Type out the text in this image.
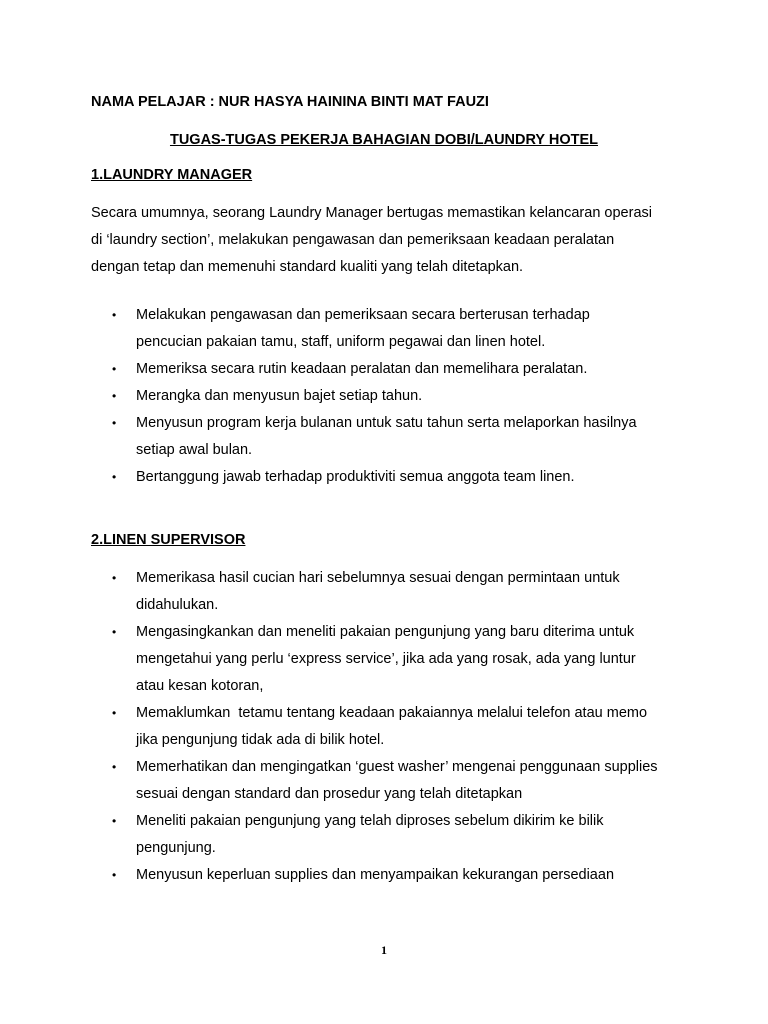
NAMA PELAJAR : NUR HASYA HAININA BINTI MAT FAUZI
TUGAS-TUGAS PEKERJA BAHAGIAN DOBI/LAUNDRY HOTEL
1.LAUNDRY MANAGER
Secara umumnya, seorang Laundry Manager bertugas memastikan kelancaran operasi
di ‘laundry section’, melakukan pengawasan dan pemeriksaan keadaan peralatan
dengan tetap dan memenuhi standard kualiti yang telah ditetapkan.
• Melakukan pengawasan dan pemeriksaan secara berterusan terhadap
pencucian pakaian tamu, staff, uniform pegawai dan linen hotel.
• Memeriksa secara rutin keadaan peralatan dan memelihara peralatan.
• Merangka dan menyusun bajet setiap tahun.
• Menyusun program kerja bulanan untuk satu tahun serta melaporkan hasilnya
setiap awal bulan.
• Bertanggung jawab terhadap produktiviti semua anggota team linen.
2.LINEN SUPERVISOR
• Memerikasa hasil cucian hari sebelumnya sesuai dengan permintaan untuk
didahulukan.
• Mengasingkankan dan meneliti pakaian pengunjung yang baru diterima untuk
mengetahui yang perlu ‘express service’, jika ada yang rosak, ada yang luntur
atau kesan kotoran,
• Memaklumkan  tetamu tentang keadaan pakaiannya melalui telefon atau memo
jika pengunjung tidak ada di bilik hotel.
• Memerhatikan dan mengingatkan ‘guest washer’ mengenai penggunaan supplies
sesuai dengan standard dan prosedur yang telah ditetapkan
• Meneliti pakaian pengunjung yang telah diproses sebelum dikirim ke bilik
pengunjung.
• Menyusun keperluan supplies dan menyampaikan kekurangan persediaan
1
